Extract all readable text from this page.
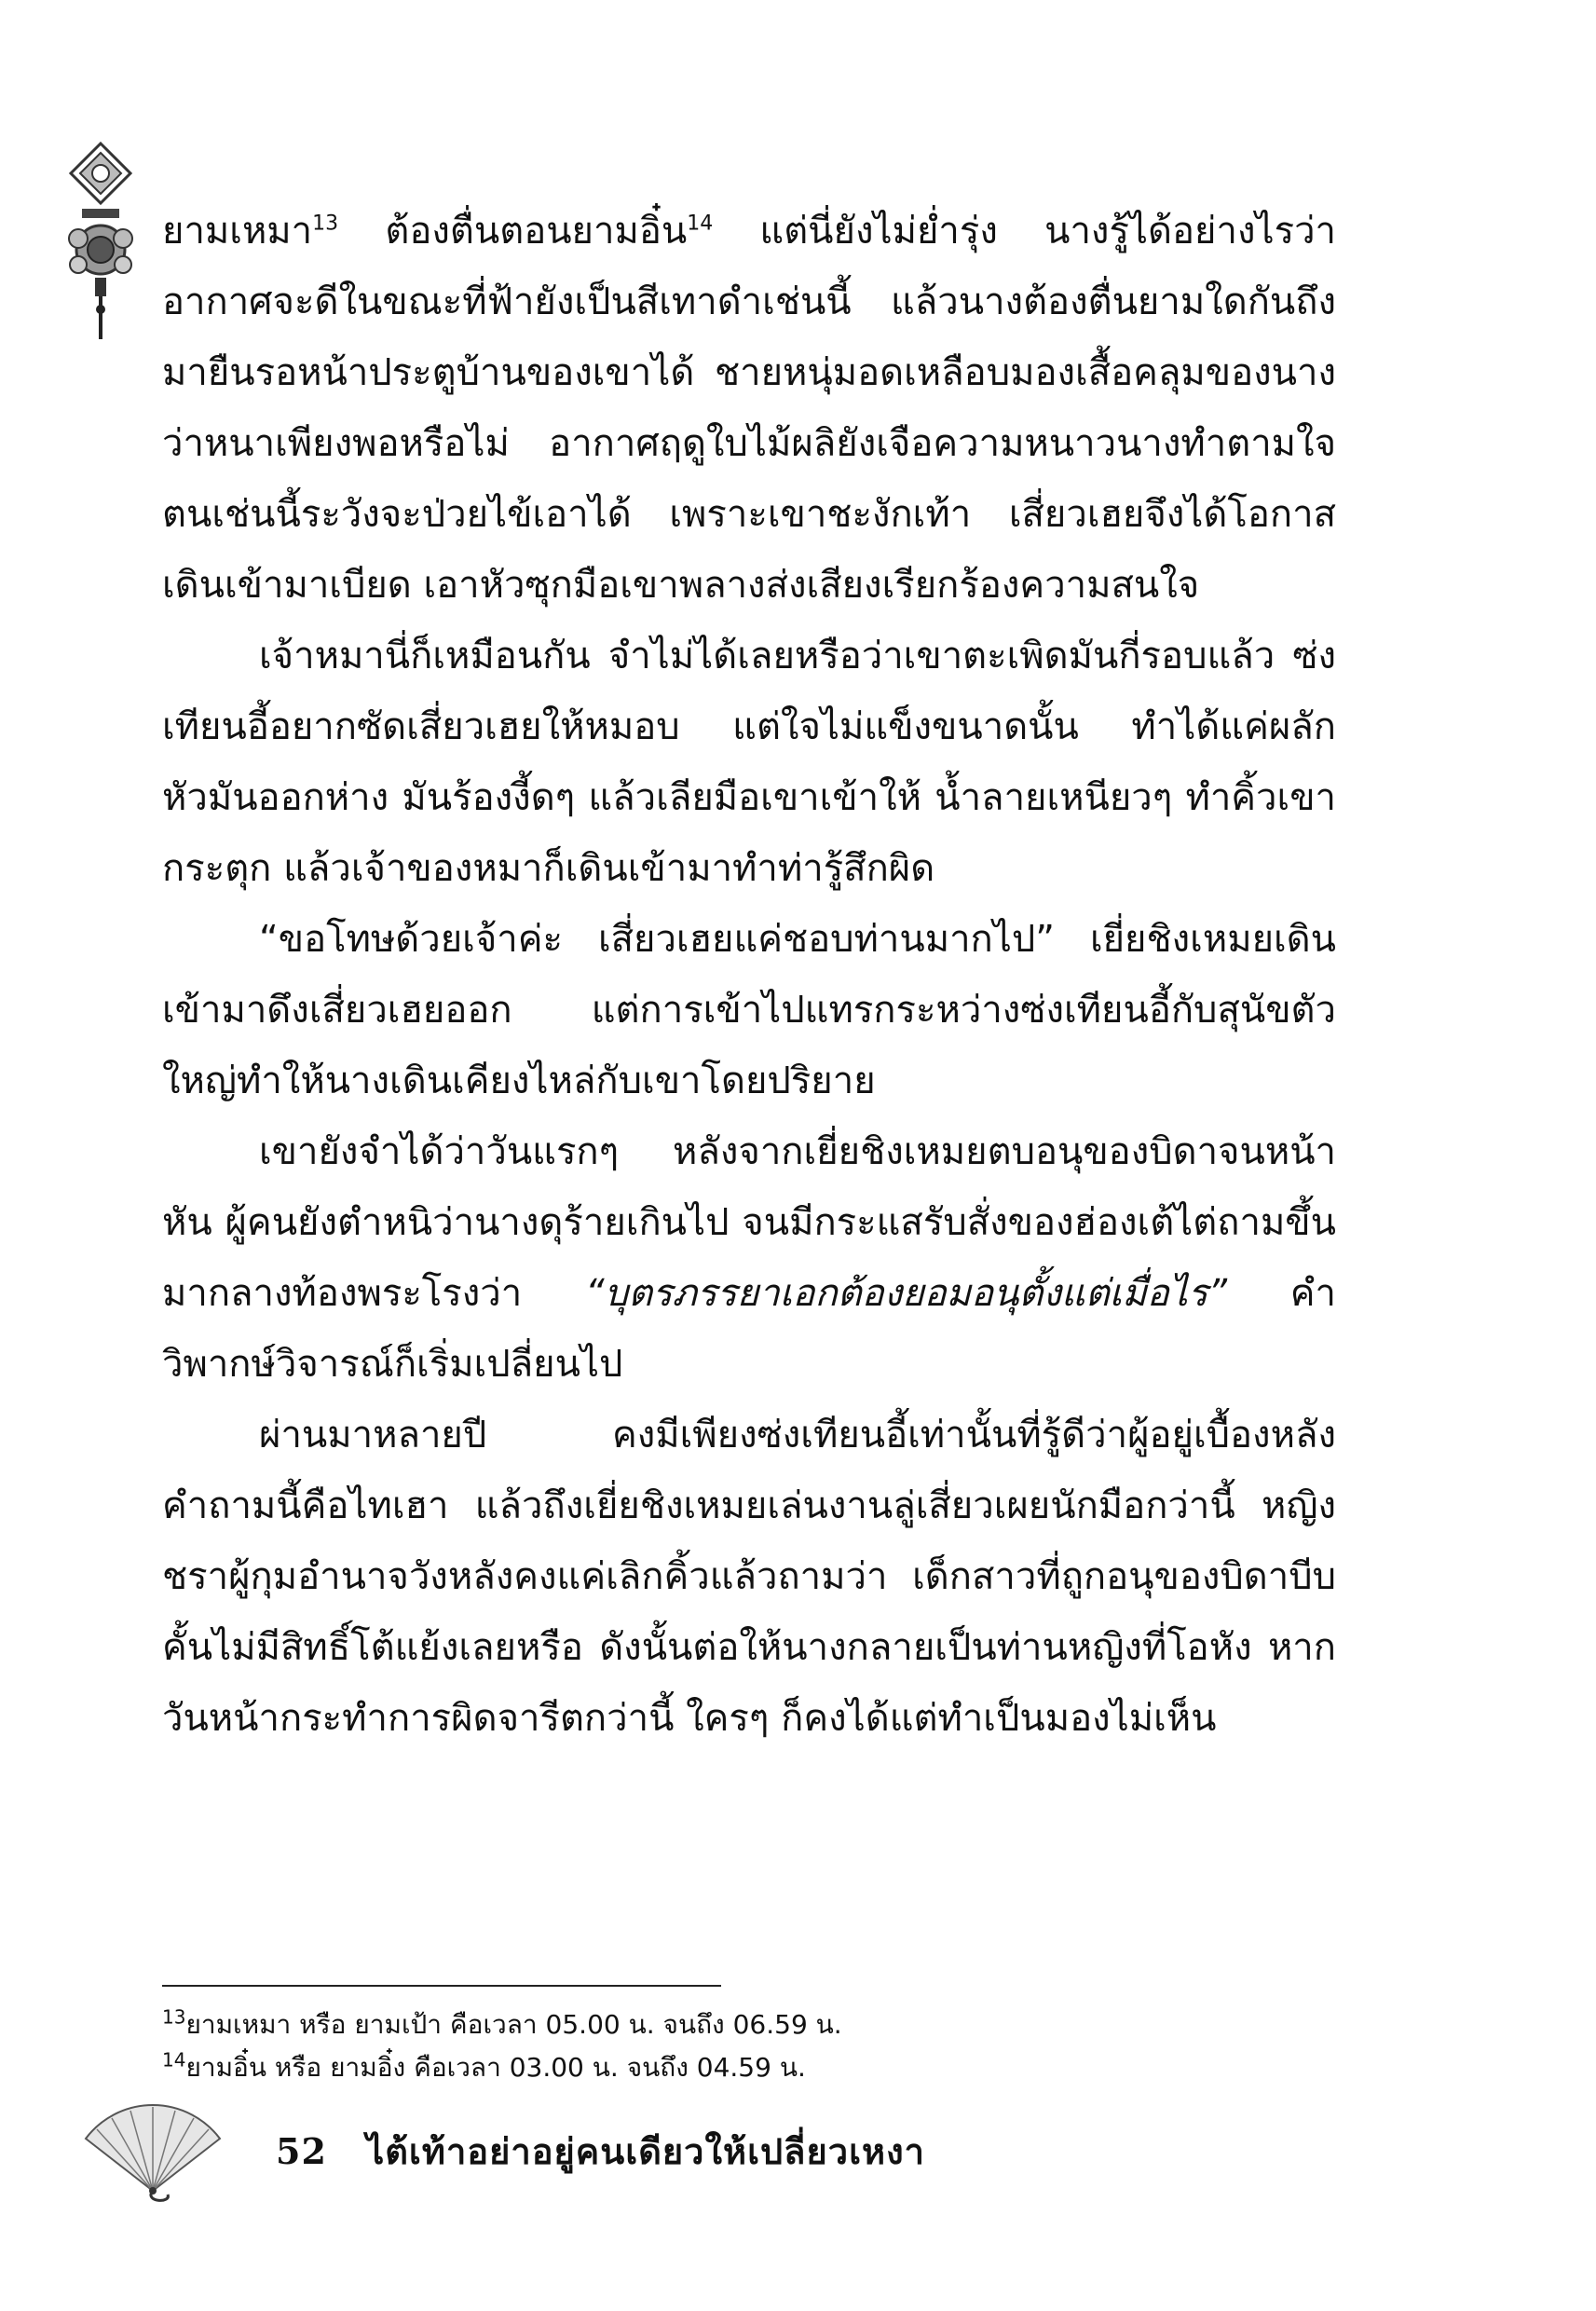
ยามเหมา$^{13}$ ต้องตื่นตอนยามอิ๋น$^{14}$ แต่นี่ยังไม่ย่ำรุ่ง นางรู้ได้อย่างไรว่าอากาศจะดีในขณะที่ฟ้ายังเป็นสีเทาดำเช่นนี้ แล้วนางต้องตื่นยามใดกันถึงมายืนรอหน้าประตูบ้านของเขาได้ ชายหนุ่มอดเหลือบมองเสื้อคลุมของนางว่าหนาเพียงพอหรือไม่ อากาศฤดูใบไม้ผลิยังเจือความหนาวนางทำตามใจตนเช่นนี้ระวังจะป่วยไข้เอาได้ เพราะเขาชะงักเท้า เสี่ยวเฮยจึงได้โอกาสเดินเข้ามาเบียด เอาหัวซุกมือเขาพลางส่งเสียงเรียกร้องความสนใจ

เจ้าหมานี่ก็เหมือนกัน จำไม่ได้เลยหรือว่าเขาตะเพิดมันกี่รอบแล้ว ซ่งเทียนอี้อยากซัดเสี่ยวเฮยให้หมอบ แต่ใจไม่แข็งขนาดนั้น ทำได้แค่ผลักหัวมันออกห่าง มันร้องงี้ดๆ แล้วเลียมือเขาเข้าให้ น้ำลายเหนียวๆ ทำคิ้วเขากระตุก แล้วเจ้าของหมาก็เดินเข้ามาทำท่ารู้สึกผิด

“ขอโทษด้วยเจ้าค่ะ เสี่ยวเฮยแค่ชอบท่านมากไป” เยี่ยชิงเหมยเดินเข้ามาดึงเสี่ยวเฮยออก แต่การเข้าไปแทรกระหว่างซ่งเทียนอี้กับสุนัขตัวใหญ่ทำให้นางเดินเคียงไหล่กับเขาโดยปริยาย

เขายังจำได้ว่าวันแรกๆ หลังจากเยี่ยชิงเหมยตบอนุของบิดาจนหน้าหัน ผู้คนยังตำหนิว่านางดุร้ายเกินไป จนมีกระแสรับสั่งของฮ่องเต้ไต่ถามขึ้นมากลางท้องพระโรงว่า “บุตรภรรยาเอกต้องยอมอนุตั้งแต่เมื่อไร” คำวิพากษ์วิจารณ์ก็เริ่มเปลี่ยนไป

ผ่านมาหลายปี คงมีเพียงซ่งเทียนอี้เท่านั้นที่รู้ดีว่าผู้อยู่เบื้องหลังคำถามนี้คือไทเฮา แล้วถึงเยี่ยชิงเหมยเล่นงานลู่เสี่ยวเผยนักมือกว่านี้ หญิงชราผู้กุมอำนาจวังหลังคงแค่เลิกคิ้วแล้วถามว่า เด็กสาวที่ถูกอนุของบิดาบีบคั้นไม่มีสิทธิ์โต้แย้งเลยหรือ ดังนั้นต่อให้นางกลายเป็นท่านหญิงที่โอหัง หากวันหน้ากระทำการผิดจารีตกว่านี้ ใครๆ ก็คงได้แต่ทำเป็นมองไม่เห็น

$^{13}$ยามเหมา หรือ ยามเป้า คือเวลา 05.00 น. จนถึง 06.59 น.
$^{14}$ยามอิ๋น หรือ ยามอิ๋ง คือเวลา 03.00 น. จนถึง 04.59 น.
52 ไต้เท้าอย่าอยู่คนเดียวให้เปลี่ยวเหงา
